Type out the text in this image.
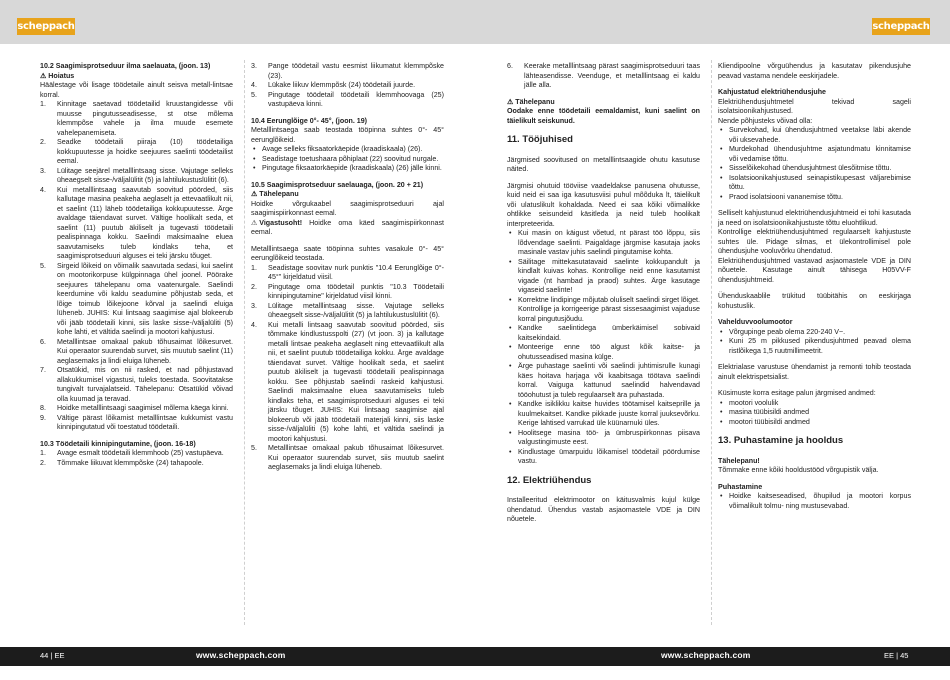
scheppach	scheppach

10.2 Saagimisprotseduur ilma saelauata, (joon. 13)

⚠ Hoiatus

Häälestage või lisage töödetaile ainult seisva metall-lintsae korral.

1.	Kinnitage saetavad töödetailid kruustangidesse või muusse pingutusseadisesse, st otse mõlema klemmpõse vahele ja ilma muude esemete vahelepanemiseta.
2.	Seadke töödetaili piiraja (10) töödetailiga kokkupuutesse ja hoidke seejuures saelinti töödetailist eemal.
3.	Lülitage seejärel metalllintsaag sisse. Vajutage selleks üheaegselt sisse-/väljalülitit (5) ja lahtilukustuslülitit (6).
4.	Kui metalllintsaag saavutab soovitud pöörded, siis kallutage masina peakeha aeglaselt ja ettevaatlikult nii, et saelint (11) läheb töödetailiga kokkupuutesse. Ärge avaldage täiendavat survet. Vältige hoolikalt seda, et saelint (11) puutub äkiliselt ja tugevasti töödetaili pealispinnaga kokku. Saelindi maksimaalne eluea saavutamiseks tuleb kindlaks teha, et saagimisprotseduuri alguses ei teki järsku tõuget.
5.	Sirgeid lõikeid on võimalik saavutada sedasi, kui saelint on mootorikorpuse külgpinnaga ühel joonel. Pöörake seejuures tähelepanu oma vaatenurgale. Saelindi keerdumine või kaldu seadumine põhjustab seda, et lõige toimub lõikejoone kõrval ja saelindi eluiga lüheneb. JUHIS: Kui lintsaag saagimise ajal blokeerub või jääb töödetaili kinni, siis laske sisse-/väljalüliti (5) kohe lahti, et vältida saelindi ja mootori kahjustusi.
6.	Metalllintsae omakaal pakub tõhusaimat lõikesurvet. Kui operaator suurendab survet, siis muutub saelint (11) aeglasemaks ja lindi eluiga lüheneb.
7.	Otsatükid, mis on nii rasked, et nad põhjustavad allakukkumisel vigastusi, tuleks toestada. Soovitatakse tungivalt turvajalatseid. Tähelepanu: Otsatükid võivad olla kuumad ja teravad.
8.	Hoidke metalllintsaagi saagimisel mõlema käega kinni.
9.	Vältige pärast lõikamist metalllintsae kukkumist vastu kinnipingutatud või toestatud töödetaili.

10.3 Töödetaili kinnipingutamine, (joon. 16-18)

1.	Avage esmalt töödetaili klemmhoob (25) vastupäeva.
2.	Tõmmake liikuvat klemmpõske (24) tahapoole.
3.	Pange töödetail vastu eesmist liikumatut klemmpõske (23).
4.	Lükake liikuv klemmpõsk (24) töödetaili juurde.
5.	Pingutage töödetail töödetaili klemmhoovaga (25) vastupäeva kinni.

10.4 Eerunglõige 0°- 45°, (joon. 19)

Metalllintsaega saab teostada tööpinna suhtes 0°- 45° eerunglõikeid.

• Avage selleks fiksaatorkäepide (kraadiskaala) (26).
• Seadistage toetushaara põhiplaat (22) soovitud nurgale.
• Pingutage fiksaatorkäepide (kraadiskaala) (26) jälle kinni.
10.5 Saagimisprotseduur saelauaga, (joon. 20 + 21)

⚠ Tähelepanu

Hoidke võrgukaabel saagimisprotseduuri ajal saagimispiirkonnast eemal.

⚠ Vigastusoht! Hoidke oma käed saagimispiirkonnast eemal.

Metalllintsaega saate tööpinna suhtes vasakule 0°- 45° eerunglõikeid teostada.

1.	Seadistage soovitav nurk punktis "10.4 Eerunglõige 0°- 45°" kirjeldatud viisil.
2.	Pingutage oma töödetail punktis "10.3 Töödetaili kinnipingutamine" kirjeldatud viisil kinni.
3.	Lülitage metalllintsaag sisse. Vajutage selleks üheaegselt sisse-/väljalülitit (5) ja lahtilukustuslülitit (6).
4.	Kui metalli lintsaag saavutab soovitud pöörded, siis tõmmake kindlustusspolti (27) (vt joon. 3) ja kallutage metalli lintsae peakeha aeglaselt ning ettevaatlikult alla nii, et saelint puutub töödetailiga kokku. Ärge avaldage täiendavat survet. Vältige hoolikalt seda, et saelint puutub äkiliselt ja tugevasti töödetaili pealispinnaga kokku. See põhjustab saelindi raskeid kahjustusi. Saelindi maksimaalne eluea saavutamiseks tuleb kindlaks teha, et saagimisprotseduuri alguses ei teki järsku tõuget. JUHIS: Kui lintsaag saagimise ajal blokeerub või jääb töödetaili materjali kinni, siis laske sisse-/väljalüliti (5) kohe lahti, et vältida saelindi ja mootori kahjustusi.
5.	Metalllintsae omakaal pakub tõhusaimat lõikesurvet. Kui operaator suurendab survet, siis muutub saelint aeglasemaks ja lindi eluiga lüheneb.
6.	Keerake metalllintsaag pärast saagimisprotseduuri taas lähteasendisse. Veenduge, et metalllintsaag ei kaldu jälle alla.

⚠ Tähelepanu

Oodake enne töödetaili eemaldamist, kuni saelint on täielikult seiskunud.

11. Tööjuhised

Järgmised soovitused on metalllintsaagide ohutu kasutuse näited.

Järgmisi ohutuid tööviise vaadeldakse panusena ohutusse, kuid neid ei saa iga kasutusviisi puhul mõõduka lt, täielikult või ulatuslikult kohaldada. Need ei saa kõiki võimalikke ohtlikke seisundeid käsitleda ja neid tuleb hoolikalt interpreteerida.

• Kui masin on käigust võetud, nt pärast töö lõppu, siis lõdvendage saelinti. Paigaldage järgmise kasutaja jaoks masinale vastav juhis saelindi pingutamise kohta.
• Säilitage mittekasutatavaid saelinte kokkupandult ja kindlalt kuivas kohas. Kontrollige neid enne kasutamist vigade (nt hambad ja praod) suhtes. Ärge kasutage vigaseid saelinte!
• Korrektne lindipinge mõjutab oluliselt saelindi sirget lõiget. Kontrollige ja korrigeerige pärast sissesaagimist vajaduse korral pingutusjõudu.
• Kandke saelintidega ümberkäimisel sobivaid kaitsekindaid.
• Monteerige enne töö algust kõik kaitse- ja ohutusseadised masina külge.
• Ärge puhastage saelinti või saelindi juhtimisrulle kunagi käes hoitava harjaga või kaabitsaga töötava saelindi korral. Vaiguga kattunud saelindid halvendavad tööohutust ja tuleb regulaarselt ära puhastada.
• Kandke isiklikku kaitse huvides töötamisel kaitseprille ja kuulmekaitset. Kandke pikkade juuste korral juuksevõrku. Kerige lahtised varrukad üle küünarnuki üles.
• Hoolitsege masina töö- ja ümbruspiirkonnas piisava valgustingimuste eest.
• Kindlustage ümarpuidu lõikamisel töödetail pöördumise vastu.
12. Elektriühendus

Installeeritud elektrimootor on käitusvalmis kujul külge ühendatud. Ühendus vastab asjaomastele VDE ja DIN nõuetele.

Kliendipoolne võrguühendus ja kasutatav pikendusjuhe peavad vastama nendele eeskirjadele.

Kahjustatud elektriühendusjuhe

Elektriühendusjuhtmetel tekivad sageli isolatsioonikahjustused.

Nende põhjusteks võivad olla:

• Survekohad, kui ühendusjuhtmed veetakse läbi akende või uksevahede.
• Murdekohad ühendusjuhtme asjatundmatu kinnitamise või vedamise tõttu.
• Sisselõikekohad ühendusjuhtmest ülesõitmise tõttu.
• Isolatsioonikahjustused seinapistikupesast väljarebimise tõttu.
• Praod isolatsiooni vananemise tõttu.

Selliselt kahjustunud elektriühendusjuhtmeid ei tohi kasutada ja need on isolatsioonikahjustuste tõttu eluohtlikud.

Kontrollige elektriühendusjuhtmed regulaarselt kahjustuste suhtes üle. Pidage silmas, et ülekontrollimisel pole ühendusjuhe vooluvõrku ühendatud.

Elektriühendusjuhtmed vastavad asjaomastele VDE ja DIN nõuetele. Kasutage ainult tähisega H05VV-F ühendusjuhtmeid.

Ühenduskaablile trükitud tüübitähis on eeskirjaga kohustuslik.

Vahelduvvoolumootor

• Võrgupinge peab olema 220-240 V~.
• Kuni 25 m pikkused pikendusjuhtmed peavad olema ristlõikega 1,5 ruutmillimeetrit.

Elektrialase varustuse ühendamist ja remonti tohib teostada ainult elektrispetsialist.

Küsimuste korra esitage palun järgmised andmed:

• mootori voolulik
• masina tüübisildi andmed
• mootori tüübisildi andmed
13. Puhastamine ja hooldus

Tähelepanu!

Tõmmake enne kõiki hooldustööd võrgupistik välja.

Puhastamine

• Hoidke kaitseseadised, õhupilud ja mootori korpus võimalikult tolmu- ning mustusevabad.
44 | EE	www.scheppach.com	www.scheppach.com	EE | 45
